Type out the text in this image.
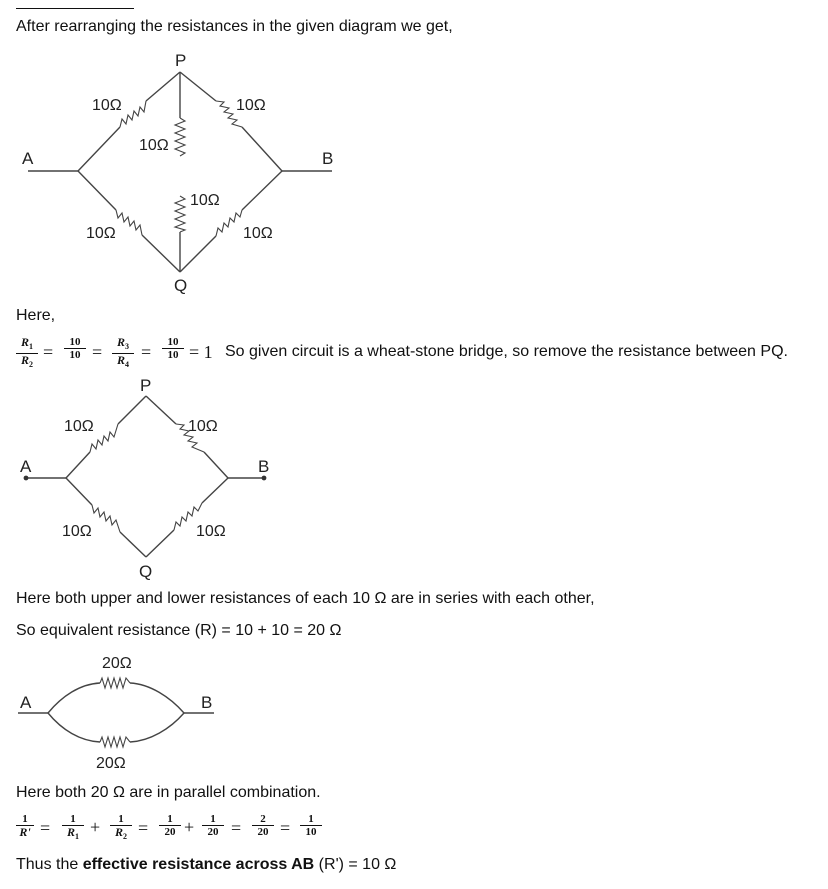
After rearranging the resistances in the given diagram we get,
P
A	B
Q
10Ω	10Ω
10Ω
10Ω
10Ω	10Ω
Here,
$\frac{R_1}{R_2} = \frac{10}{10} = \frac{R_3}{R_4} = \frac{10}{10} = 1$ So given circuit is a wheat-stone bridge, so remove the resistance between PQ.
P
A	B
Q
10Ω	10Ω
10Ω	10Ω
Here both upper and lower resistances of each 10 Ω are in series with each other,
So equivalent resistance (R) = 10 + 10 = 20 Ω
A	B
20Ω
20Ω
Here both 20 Ω are in parallel combination.
$\frac{1}{R'} = \frac{1}{R_1} + \frac{1}{R_2} = \frac{1}{20} + \frac{1}{20} = \frac{2}{20} = \frac{1}{10}$
Thus the effective resistance across AB (R') = 10 Ω
